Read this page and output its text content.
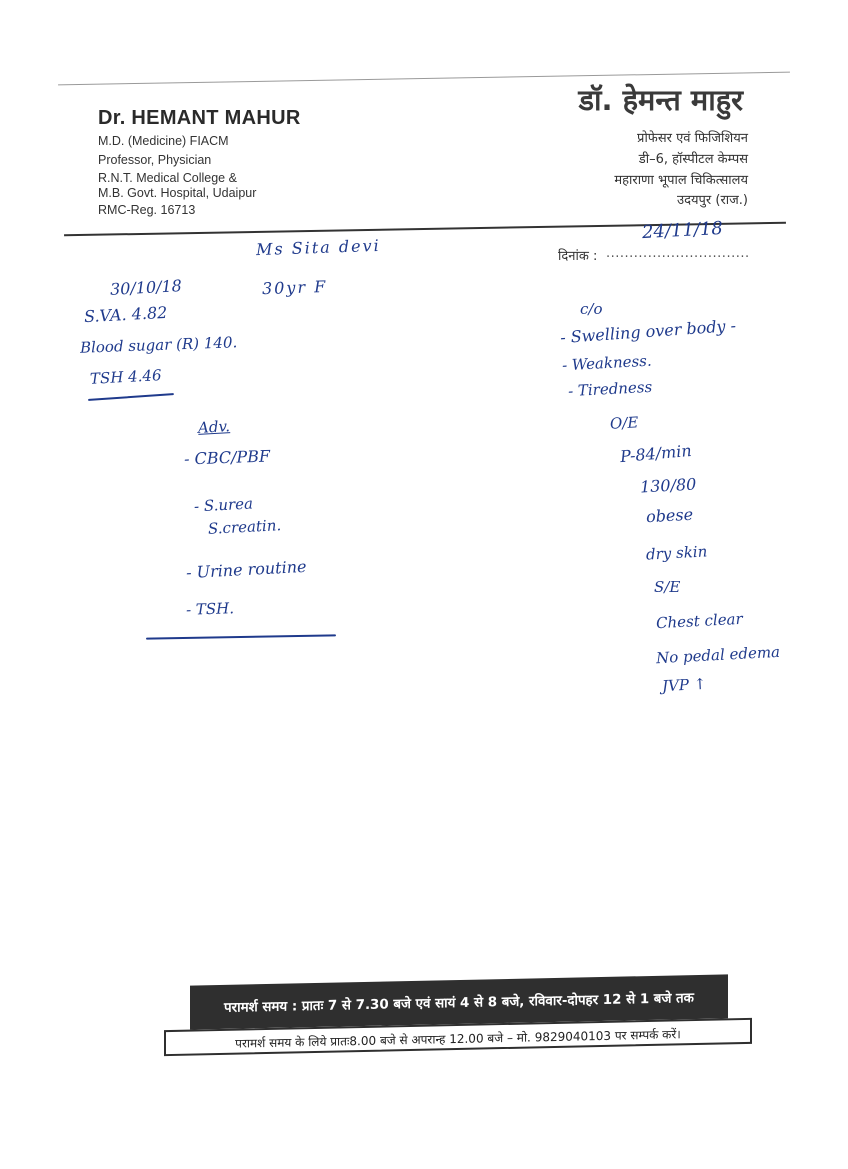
Dr. HEMANT MAHUR
M.D. (Medicine) FIACM
Professor, Physician
R.N.T. Medical College &
M.B. Govt. Hospital, Udaipur
RMC-Reg. 16713
डॉ. हेमन्त माहुर
प्रोफेसर एवं फिजिशियन
डी–6, हॉस्पीटल केम्पस
महाराणा भूपाल चिकित्सालय
उदयपुर (राज.)
दिनांक : ...............................
24/11/18
Ms Sita devi
30yr F
30/10/18
S.VA. 4.82
Blood sugar (R) 140.
TSH 4.46
Adv.
- CBC/PBF
- S.urea
S.creatin.
- Urine routine
- TSH.
c/o
- Swelling over body -
- Weakness.
- Tiredness
O/E
P-84/min
130/80
obese
dry skin
S/E
Chest clear
No pedal edema
JVP ↑
परामर्श समय : प्रातः 7 से 7.30 बजे एवं सायं 4 से 8 बजे, रविवार-दोपहर 12 से 1 बजे तक
परामर्श समय के लिये प्रातः8.00 बजे से अपरान्ह 12.00 बजे – मो. 9829040103 पर सम्पर्क करें।
